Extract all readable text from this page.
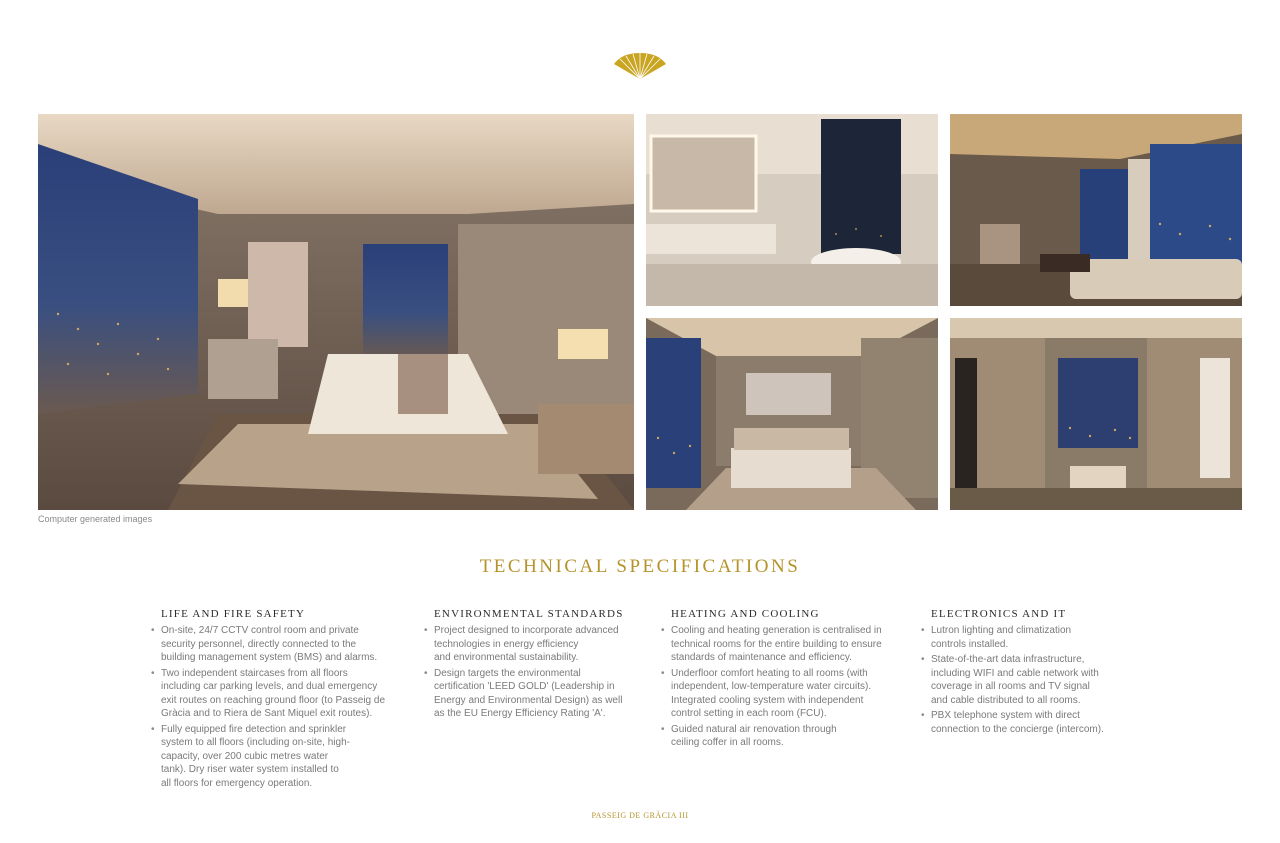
Computer generated images
TECHNICAL SPECIFICATIONS
LIFE AND FIRE SAFETY
• On-site, 24/7 CCTV control room and private
security personnel, directly connected to the
building management system (BMS) and alarms.
• Two independent staircases from all floors
including car parking levels, and dual emergency
exit routes on reaching ground floor (to Passeig de
Gràcia and to Riera de Sant Miquel exit routes).
• Fully equipped fire detection and sprinkler
system to all floors (including on-site, high-
capacity, over 200 cubic metres water
tank). Dry riser water system installed to
all floors for emergency operation.
ENVIRONMENTAL STANDARDS
• Project designed to incorporate advanced
technologies in energy efficiency
and environmental sustainability.
• Design targets the environmental
certification 'LEED GOLD' (Leadership in
Energy and Environmental Design) as well
as the EU Energy Efficiency Rating 'A'.
HEATING AND COOLING
• Cooling and heating generation is centralised in
technical rooms for the entire building to ensure
standards of maintenance and efficiency.
• Underfloor comfort heating to all rooms (with
independent, low-temperature water circuits).
Integrated cooling system with independent
control setting in each room (FCU).
• Guided natural air renovation through
ceiling coffer in all rooms.
ELECTRONICS AND IT
• Lutron lighting and climatization
controls installed.
• State-of-the-art data infrastructure,
including WIFI and cable network with
coverage in all rooms and TV signal
and cable distributed to all rooms.
• PBX telephone system with direct
connection to the concierge (intercom).
PASSEIG DE GRÀCIA III
